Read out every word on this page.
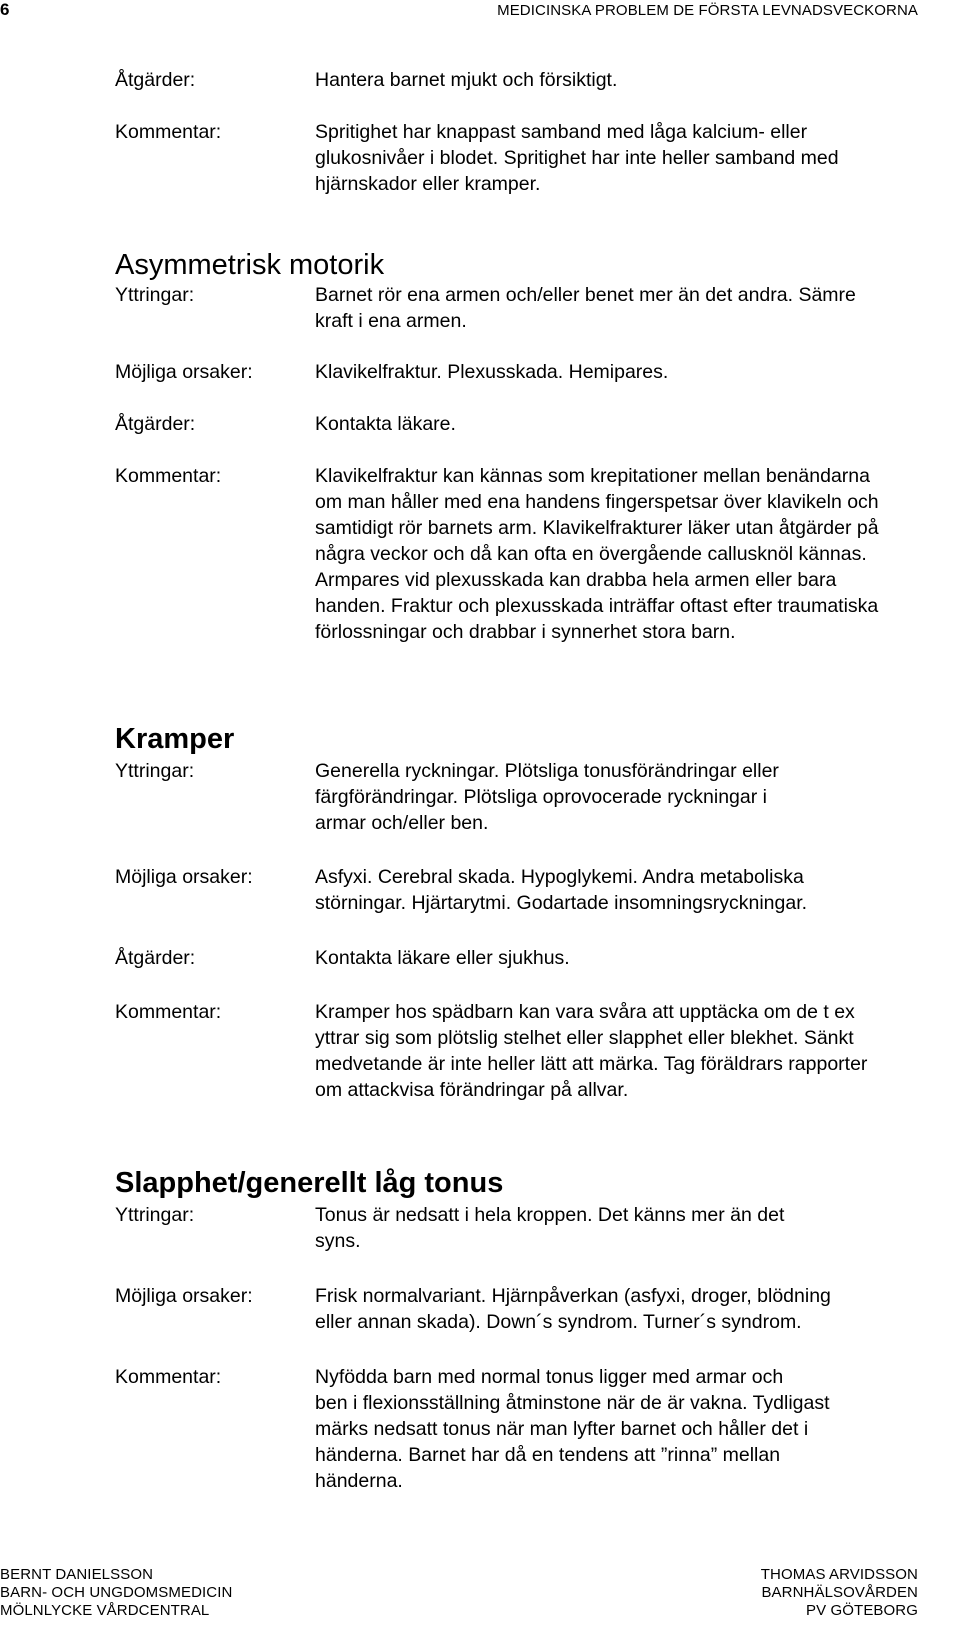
6	MEDICINSKA PROBLEM DE FÖRSTA LEVNADSVECKORNA
Åtgärder:	Hantera barnet mjukt och försiktigt.
Kommentar:	Spritighet har knappast samband med låga kalcium- eller
glukosnivåer i blodet. Spritighet har inte heller samband med
hjärnskador eller kramper.
Asymmetrisk motorik
Yttringar:	Barnet rör ena armen och/eller benet mer än det andra. Sämre
kraft i ena armen.
Möjliga orsaker:	Klavikelfraktur. Plexusskada. Hemipares.
Åtgärder:	Kontakta läkare.
Kommentar:	Klavikelfraktur kan kännas som krepitationer mellan benändarna
om man håller med ena handens fingerspetsar över klavikeln och
samtidigt rör barnets arm. Klavikelfrakturer läker utan åtgärder på
några veckor och då kan ofta en övergående callusknöl kännas.
Armpares vid plexusskada kan drabba hela armen eller bara
handen. Fraktur och plexusskada inträffar oftast efter traumatiska
förlossningar och drabbar i synnerhet stora barn.
Kramper
Yttringar:	Generella ryckningar. Plötsliga tonusförändringar eller
färgförändringar. Plötsliga oprovocerade ryckningar i
armar och/eller ben.
Möjliga orsaker:	Asfyxi. Cerebral skada. Hypoglykemi. Andra metaboliska
störningar. Hjärtarytmi. Godartade insomningsryckningar.
Åtgärder:	Kontakta läkare eller sjukhus.
Kommentar:	Kramper hos spädbarn kan vara svåra att upptäcka om de t ex
yttrar sig som plötslig stelhet eller slapphet eller blekhet. Sänkt
medvetande är inte heller lätt att märka. Tag föräldrars rapporter
om attackvisa förändringar på allvar.
Slapphet/generellt låg tonus
Yttringar:	Tonus är nedsatt i hela kroppen. Det känns mer än det
syns.
Möjliga orsaker:	Frisk normalvariant. Hjärnpåverkan (asfyxi, droger, blödning
eller annan skada). Down´s syndrom. Turner´s syndrom.
Kommentar:	Nyfödda barn med normal tonus ligger med armar och
ben i flexionsställning åtminstone när de är vakna. Tydligast
märks nedsatt tonus när man lyfter barnet och håller det i
händerna. Barnet har då en tendens att ”rinna” mellan
händerna.
BERNT DANIELSSON
BARN- OCH UNGDOMSMEDICIN
MÖLNLYCKE VÅRDCENTRAL
THOMAS ARVIDSSON
BARNHÄLSOVÅRDEN
PV GÖTEBORG
